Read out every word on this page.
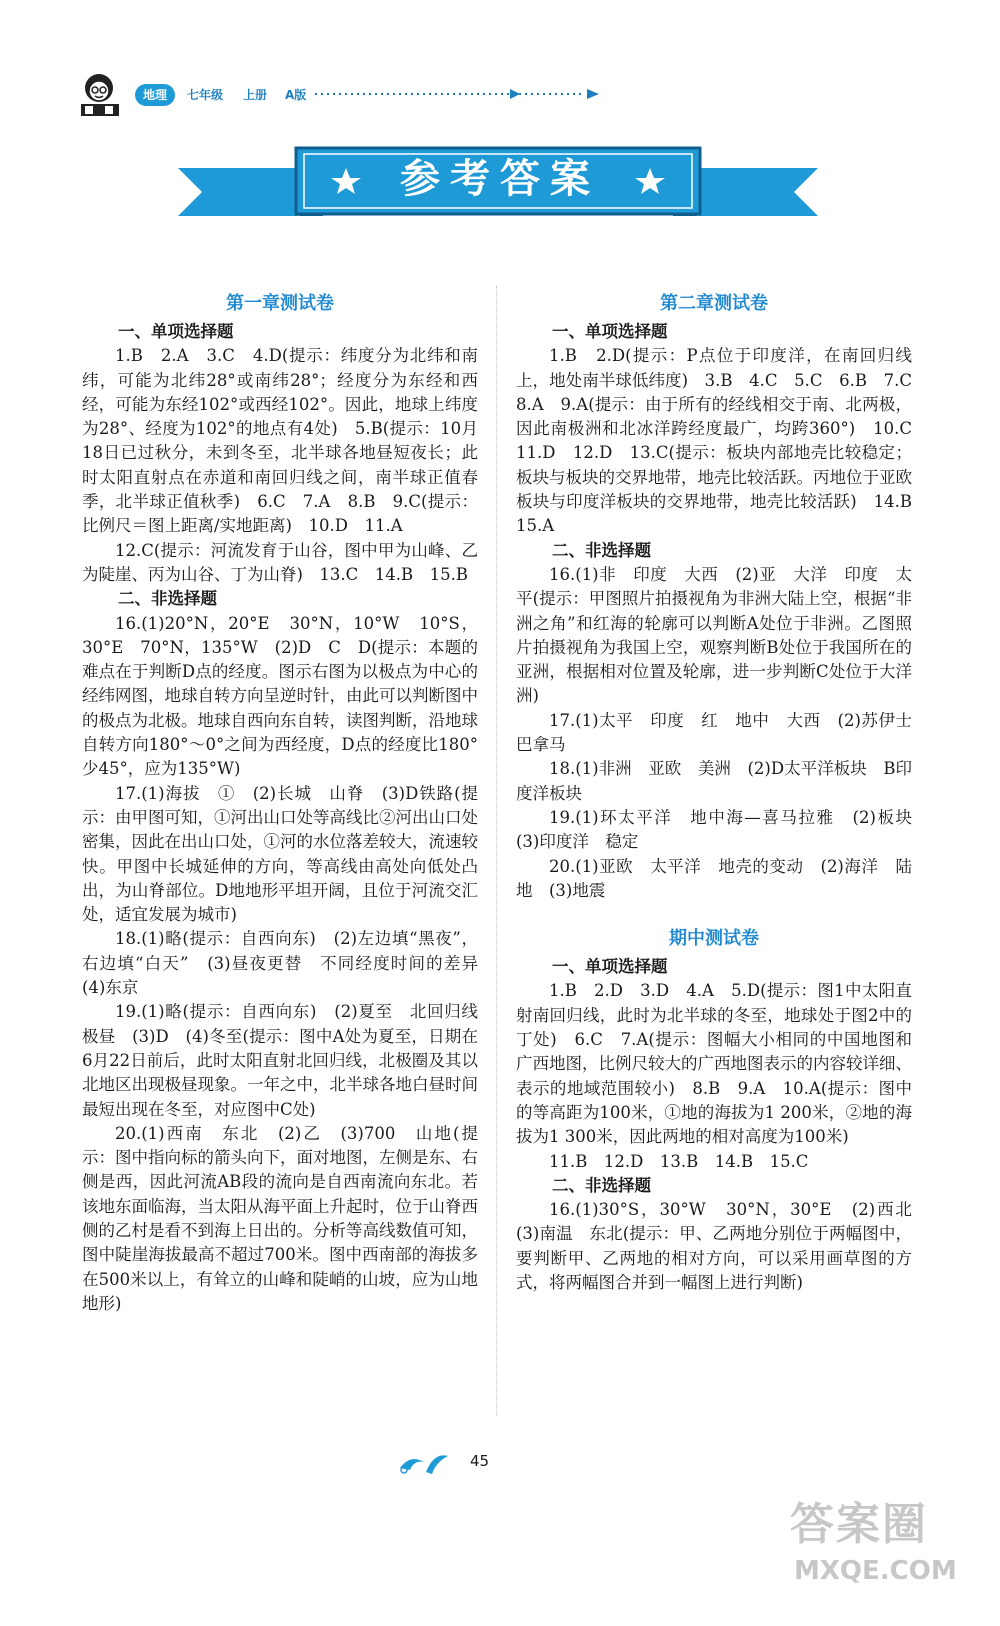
地理	七年级 上册 A版
参考答案
第一章测试卷

一、单项选择题

1.B　2.A　3.C　4.D(提示：纬度分为北纬和南纬，可能为北纬28°或南纬28°；经度分为东经和西经，可能为东经102°或西经102°。因此，地球上纬度为28°、经度为102°的地点有4处)　5.B(提示：10月18日已过秋分，未到冬至，北半球各地昼短夜长；此时太阳直射点在赤道和南回归线之间，南半球正值春季，北半球正值秋季)　6.C　7.A　8.B　9.C(提示：比例尺＝图上距离/实地距离)　10.D　11.A

12.C(提示：河流发育于山谷，图中甲为山峰、乙为陡崖、丙为山谷、丁为山脊)　13.C　14.B　15.B

二、非选择题

16.(1)20°N，20°E　30°N，10°W　10°S，30°E　70°N，135°W　(2)D　C　D(提示：本题的难点在于判断D点的经度。图示右图为以极点为中心的经纬网图，地球自转方向呈逆时针，由此可以判断图中的极点为北极。地球自西向东自转，读图判断，沿地球自转方向180°～0°之间为西经度，D点的经度比180°少45°，应为135°W)

17.(1)海拔　①　(2)长城　山脊　(3)D铁路(提示：由甲图可知，①河出山口处等高线比②河出山口处密集，因此在出山口处，①河的水位落差较大，流速较快。甲图中长城延伸的方向，等高线由高处向低处凸出，为山脊部位。D地地形平坦开阔，且位于河流交汇处，适宜发展为城市)

18.(1)略(提示：自西向东)　(2)左边填“黑夜”，右边填“白天”　(3)昼夜更替　不同经度时间的差异　(4)东京

19.(1)略(提示：自西向东)　(2)夏至　北回归线　极昼　(3)D　(4)冬至(提示：图中A处为夏至，日期在6月22日前后，此时太阳直射北回归线，北极圈及其以北地区出现极昼现象。一年之中，北半球各地白昼时间最短出现在冬至，对应图中C处)

20.(1)西南　东北　(2)乙　(3)700　山地(提示：图中指向标的箭头向下，面对地图，左侧是东、右侧是西，因此河流AB段的流向是自西南流向东北。若该地东面临海，当太阳从海平面上升起时，位于山脊西侧的乙村是看不到海上日出的。分析等高线数值可知，图中陡崖海拔最高不超过700米。图中西南部的海拔多在500米以上，有耸立的山峰和陡峭的山坡，应为山地地形)

第二章测试卷

一、单项选择题

1.B　2.D(提示：P点位于印度洋，在南回归线上，地处南半球低纬度)　3.B　4.C　5.C　6.B　7.C　8.A　9.A(提示：由于所有的经线相交于南、北两极，因此南极洲和北冰洋跨经度最广，均跨360°)　10.C　11.D　12.D　13.C(提示：板块内部地壳比较稳定；板块与板块的交界地带，地壳比较活跃。丙地位于亚欧板块与印度洋板块的交界地带，地壳比较活跃)　14.B　15.A

二、非选择题

16.(1)非　印度　大西　(2)亚　大洋　印度　太平(提示：甲图照片拍摄视角为非洲大陆上空，根据“非洲之角”和红海的轮廓可以判断A处位于非洲。乙图照片拍摄视角为我国上空，观察判断B处位于我国所在的亚洲，根据相对位置及轮廓，进一步判断C处位于大洋洲)

17.(1)太平　印度　红　地中　大西　(2)苏伊士　巴拿马

18.(1)非洲　亚欧　美洲　(2)D太平洋板块　B印度洋板块

19.(1)环太平洋　地中海—喜马拉雅　(2)板块　(3)印度洋　稳定

20.(1)亚欧　太平洋　地壳的变动　(2)海洋　陆地　(3)地震

期中测试卷

一、单项选择题

1.B　2.D　3.D　4.A　5.D(提示：图1中太阳直射南回归线，此时为北半球的冬至，地球处于图2中的丁处)　6.C　7.A(提示：图幅大小相同的中国地图和广西地图，比例尺较大的广西地图表示的内容较详细、表示的地域范围较小)　8.B　9.A　10.A(提示：图中的等高距为100米，①地的海拔为1 200米，②地的海拔为1 300米，因此两地的相对高度为100米)

11.B　12.D　13.B　14.B　15.C

二、非选择题

16.(1)30°S，30°W　30°N，30°E　(2)西北　(3)南温　东北(提示：甲、乙两地分别位于两幅图中，要判断甲、乙两地的相对方向，可以采用画草图的方式，将两幅图合并到一幅图上进行判断)

45
答案圈
MXQE.COM
